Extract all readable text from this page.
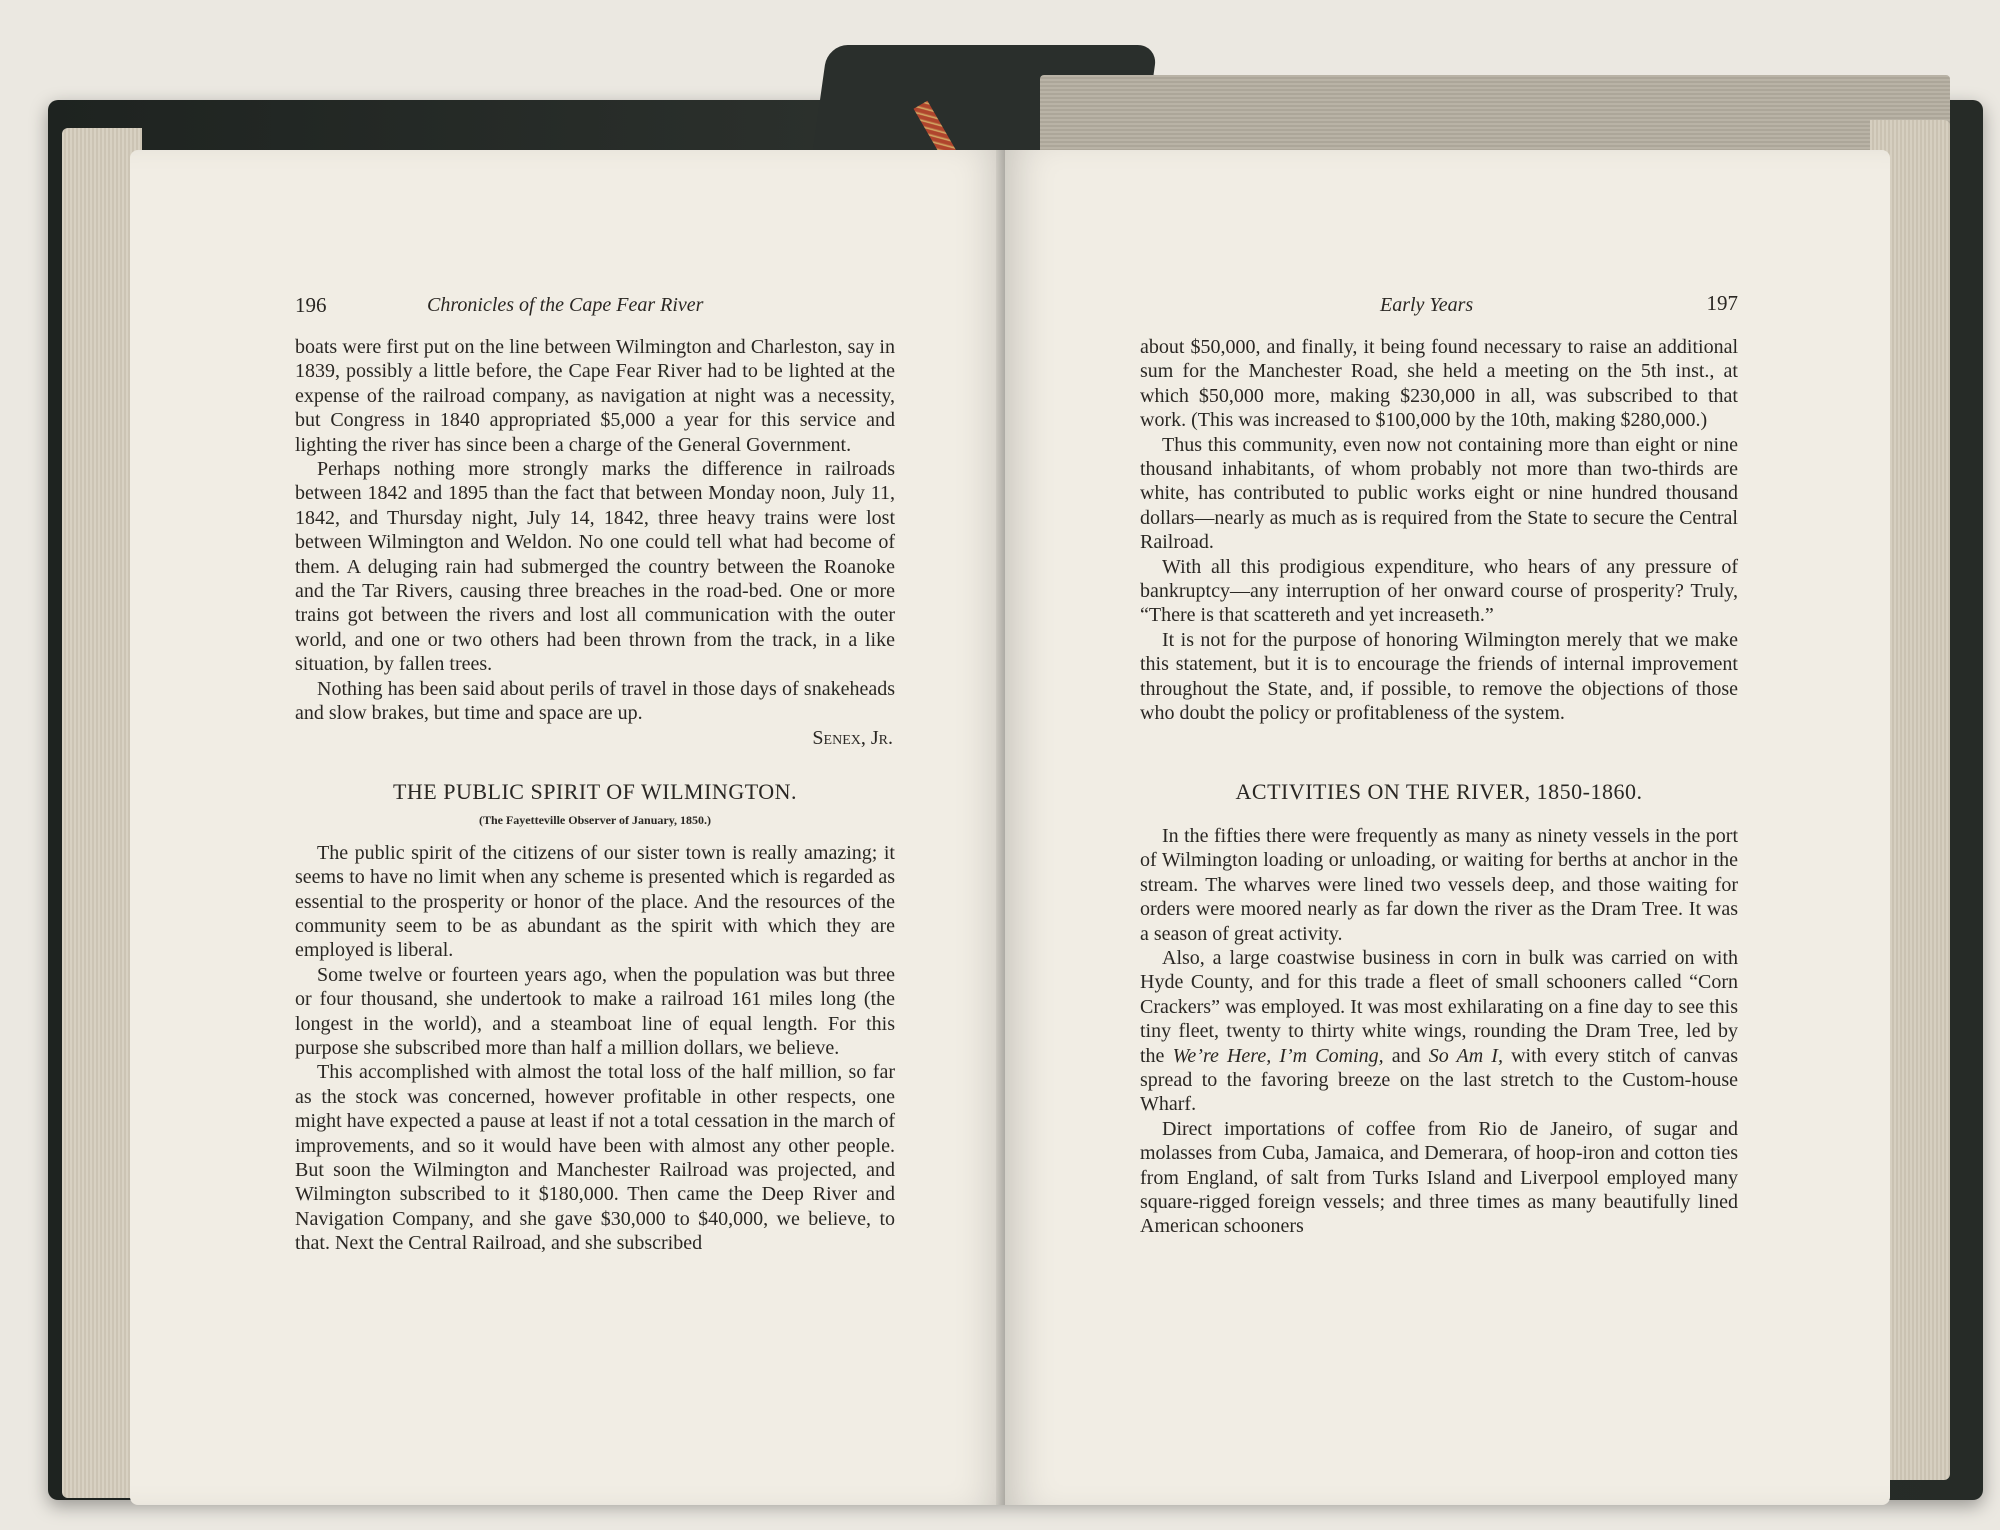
196	Chronicles of the Cape Fear River

boats were first put on the line between Wilmington and Charleston, say in 1839, possibly a little before, the Cape Fear River had to be lighted at the expense of the railroad company, as navigation at night was a necessity, but Congress in 1840 appropriated $5,000 a year for this service and lighting the river has since been a charge of the General Government.

Perhaps nothing more strongly marks the difference in railroads between 1842 and 1895 than the fact that between Monday noon, July 11, 1842, and Thursday night, July 14, 1842, three heavy trains were lost between Wilmington and Weldon. No one could tell what had become of them. A deluging rain had submerged the country between the Roanoke and the Tar Rivers, causing three breaches in the road-bed. One or more trains got between the rivers and lost all communication with the outer world, and one or two others had been thrown from the track, in a like situation, by fallen trees.

Nothing has been said about perils of travel in those days of snakeheads and slow brakes, but time and space are up.

Senex, Jr.

THE PUBLIC SPIRIT OF WILMINGTON.

(The Fayetteville Observer of January, 1850.)

The public spirit of the citizens of our sister town is really amazing; it seems to have no limit when any scheme is presented which is regarded as essential to the prosperity or honor of the place. And the resources of the community seem to be as abundant as the spirit with which they are employed is liberal.

Some twelve or fourteen years ago, when the population was but three or four thousand, she undertook to make a railroad 161 miles long (the longest in the world), and a steamboat line of equal length. For this purpose she subscribed more than half a million dollars, we believe.

This accomplished with almost the total loss of the half million, so far as the stock was concerned, however profitable in other respects, one might have expected a pause at least if not a total cessation in the march of improvements, and so it would have been with almost any other people. But soon the Wilmington and Manchester Railroad was projected, and Wilmington subscribed to it $180,000. Then came the Deep River and Navigation Company, and she gave $30,000 to $40,000, we believe, to that. Next the Central Railroad, and she subscribed

Early Years	197

about $50,000, and finally, it being found necessary to raise an additional sum for the Manchester Road, she held a meeting on the 5th inst., at which $50,000 more, making $230,000 in all, was subscribed to that work. (This was increased to $100,000 by the 10th, making $280,000.)

Thus this community, even now not containing more than eight or nine thousand inhabitants, of whom probably not more than two-thirds are white, has contributed to public works eight or nine hundred thousand dollars—nearly as much as is required from the State to secure the Central Railroad.

With all this prodigious expenditure, who hears of any pressure of bankruptcy—any interruption of her onward course of prosperity? Truly, “There is that scattereth and yet increaseth.”

It is not for the purpose of honoring Wilmington merely that we make this statement, but it is to encourage the friends of internal improvement throughout the State, and, if possible, to remove the objections of those who doubt the policy or profitableness of the system.

ACTIVITIES ON THE RIVER, 1850-1860.

In the fifties there were frequently as many as ninety vessels in the port of Wilmington loading or unloading, or waiting for berths at anchor in the stream. The wharves were lined two vessels deep, and those waiting for orders were moored nearly as far down the river as the Dram Tree. It was a season of great activity.

Also, a large coastwise business in corn in bulk was carried on with Hyde County, and for this trade a fleet of small schooners called “Corn Crackers” was employed. It was most exhilarating on a fine day to see this tiny fleet, twenty to thirty white wings, rounding the Dram Tree, led by the We’re Here, I’m Coming, and So Am I, with every stitch of canvas spread to the favoring breeze on the last stretch to the Custom-house Wharf.

Direct importations of coffee from Rio de Janeiro, of sugar and molasses from Cuba, Jamaica, and Demerara, of hoop-iron and cotton ties from England, of salt from Turks Island and Liverpool employed many square-rigged foreign vessels; and three times as many beautifully lined American schooners
